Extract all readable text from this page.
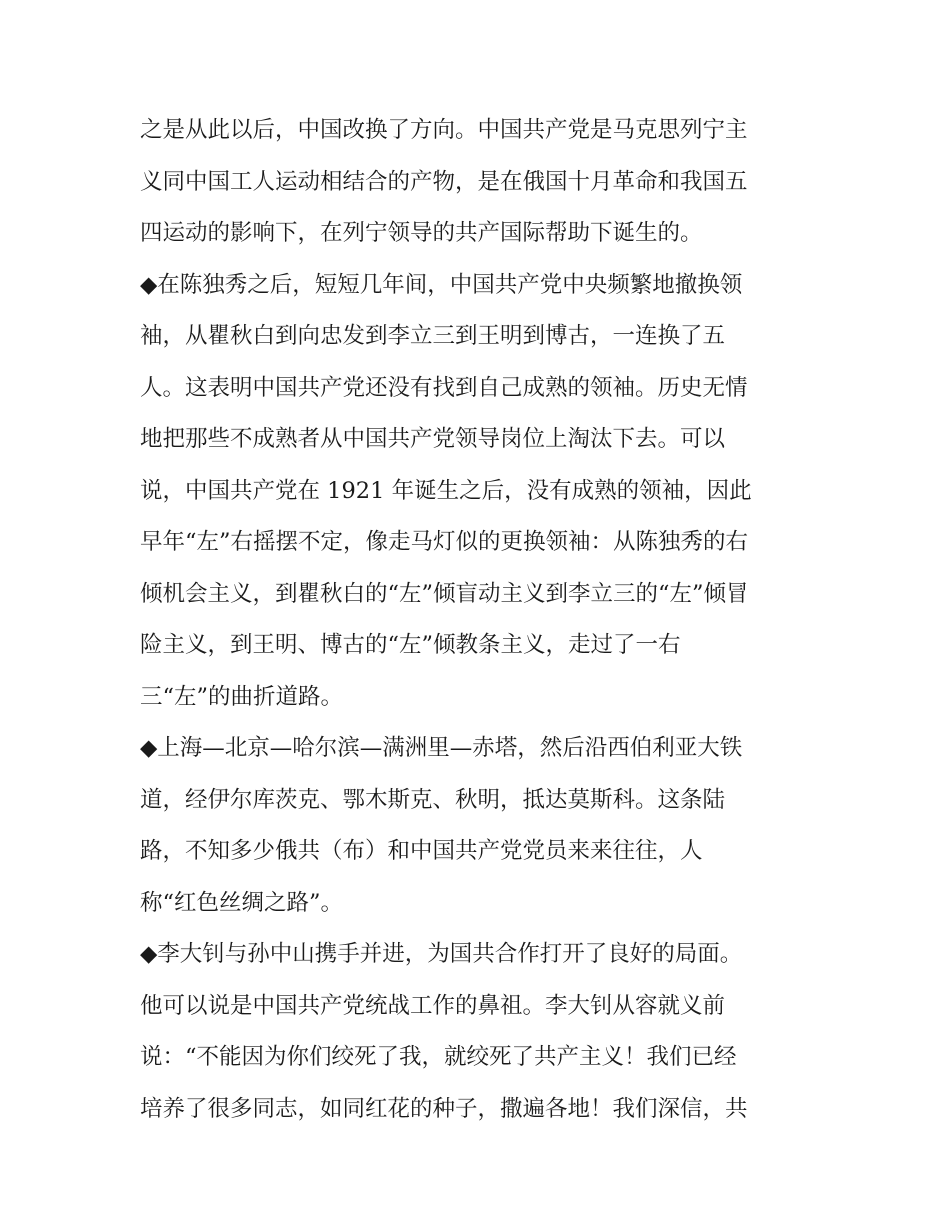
之是从此以后，中国改换了方向。中国共产党是马克思列宁主
义同中国工人运动相结合的产物，是在俄国十月革命和我国五
四运动的影响下，在列宁领导的共产国际帮助下诞生的。
◆在陈独秀之后，短短几年间，中国共产党中央频繁地撤换领
袖，从瞿秋白到向忠发到李立三到王明到博古，一连换了五
人。这表明中国共产党还没有找到自己成熟的领袖。历史无情
地把那些不成熟者从中国共产党领导岗位上淘汰下去。可以
说，中国共产党在 1921 年诞生之后，没有成熟的领袖，因此
早年“左”右摇摆不定，像走马灯似的更换领袖：从陈独秀的右
倾机会主义，到瞿秋白的“左”倾盲动主义到李立三的“左”倾冒
险主义，到王明、博古的“左”倾教条主义，走过了一右
三“左”的曲折道路。
◆上海—北京—哈尔滨—满洲里—赤塔，然后沿西伯利亚大铁
道，经伊尔库茨克、鄂木斯克、秋明，抵达莫斯科。这条陆
路，不知多少俄共（布）和中国共产党党员来来往往，人
称“红色丝绸之路”。
◆李大钊与孙中山携手并进，为国共合作打开了良好的局面。
他可以说是中国共产党统战工作的鼻祖。李大钊从容就义前
说：“不能因为你们绞死了我，就绞死了共产主义！我们已经
培养了很多同志，如同红花的种子，撒遍各地！我们深信，共
